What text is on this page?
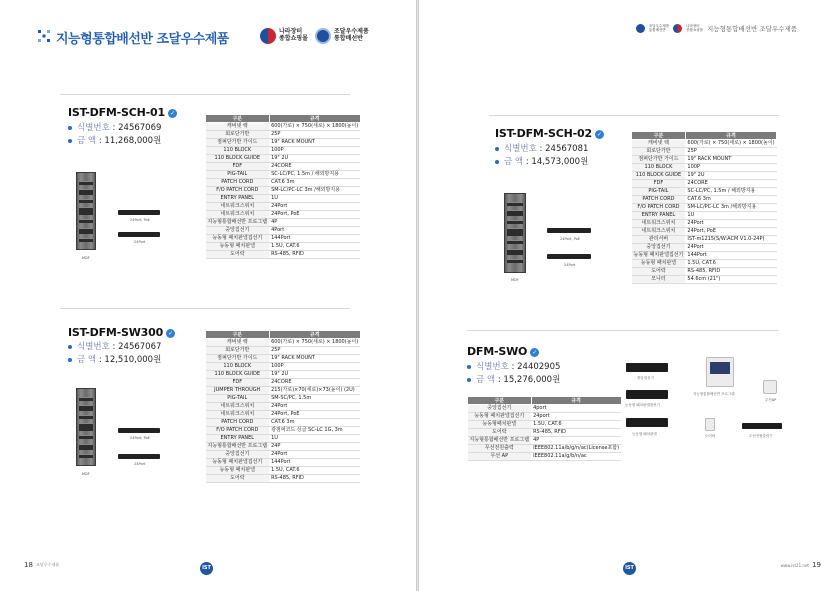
지능형통합배선반 조달우수제품
나라장터
종합쇼핑몰
조달우수제품
통합배선반
IST-DFM-SCH-01 ✓
식별번호 : 24567069
금 액 : 11,268,000원
MDF
24Port, PoE
24Port
구분	규격
캐비넷 랙	600(가로) × 750(세로) × 1800(높이)
회로단가반	25P
점퍼단가반 가이드	19" RACK MOUNT
110 BLOCK	100P
110 BLOCK GUIDE	19" 2U
FDF	24CORE
PIG-TAIL	SC-LC/PC, 1.5m / 해외방지용
PATCH CORD	CAT.6 3m
F/O PATCH CORD	SM-LC/PC-LC 3m /해외방지용
ENTRY PANEL	1U
네트워크스위치	24Port
네트워크스위치	24Port, PoE
지능형통합배선반 프로그램	4P
중앙집선기	4Port
능동형 패치판넬집선기	144Port
능동형 패치판넬	1.5U, CAT.6
도어락	RS-485, RFID
IST-DFM-SW300 ✓
식별번호 : 24567067
금 액 : 12,510,000원
MDF
24Port, PoE
24Port
구분	규격
캐비넷 랙	600(가로) × 750(세로) × 1800(높이)
회로단가반	25P
점퍼단가반 가이드	19" RACK MOUNT
110 BLOCK	100P
110 BLOCK GUIDE	19" 2U
FDF	24CORE
JUMPER THROUGH	215(가로)×70(세로)×73(높이) (2U)
PIG-TAIL	SM-SC/PC, 1.5m
네트워크스위치	24Port
네트워크스위치	24Port, PoE
PATCH CORD	CAT.6 3m
F/O PATCH CORD	광점퍼코드 싱글 SC-LC 1G, 3m
ENTRY PANEL	1U
지능형통합배선반 프로그램	24P
중앙집선기	24Port
능동형 패치판넬집선기	144Port
능동형 패치판넬	1.5U, CAT.6
도어락	RS-485, RFID
18 조달우수제품
IST
조달우수제품
통합배선반
나라장터
종합쇼핑몰 지능형통합배선반 조달우수제품
IST-DFM-SCH-02 ✓
식별번호 : 24567081
금 액 : 14,573,000원
MDF
24Port, PoE
24Port
구분	규격
캐비넷 랙	600(가로) × 750(세로) × 1800(높이)
회로단가반	25P
점퍼단가반 가이드	19" RACK MOUNT
110 BLOCK	100P
110 BLOCK GUIDE	19" 2U
FDF	24CORE
PIG-TAIL	SC-LC/PC, 1.5m / 해외방지용
PATCH CORD	CAT.6 3m
F/O PATCH CORD	SM-LC/PC-LC 3m /해외방지용
ENTRY PANEL	1U
네트워크스위치	24Port
네트워크스위치	24Port, PoE
관리서버	IST-m1215(S/W:ACM V1.0-24P)
중앙집선기	24Port
능동형 패치판넬집선기	144Port
능동형 패치판넬	1.5U, CAT.6
도어락	RS-485, RFID
모니터	54.6cm (21")
DFM-SWO ✓
식별번호 : 24402905
금 액 : 15,276,000원
구분	규격
중앙집선기	4port
능동형 패치판넬집선기	24port
능동형패치판넬	1.5U, CAT.6
도어락	RS-485, RFID
지능형통합배선반 프로그램	4P
무선전원출력	IEEE802.11a/b/g/n/ac(License포함)
무선 AP	IEEE802.11a/g/b/n/ac
중앙집선기
지능형통합배선반 프로그램
무선AP
능동형 패치판넬집선기
능동형 패치판넬	도어락	무선전원출력기
IST	www.ist21.net 19
